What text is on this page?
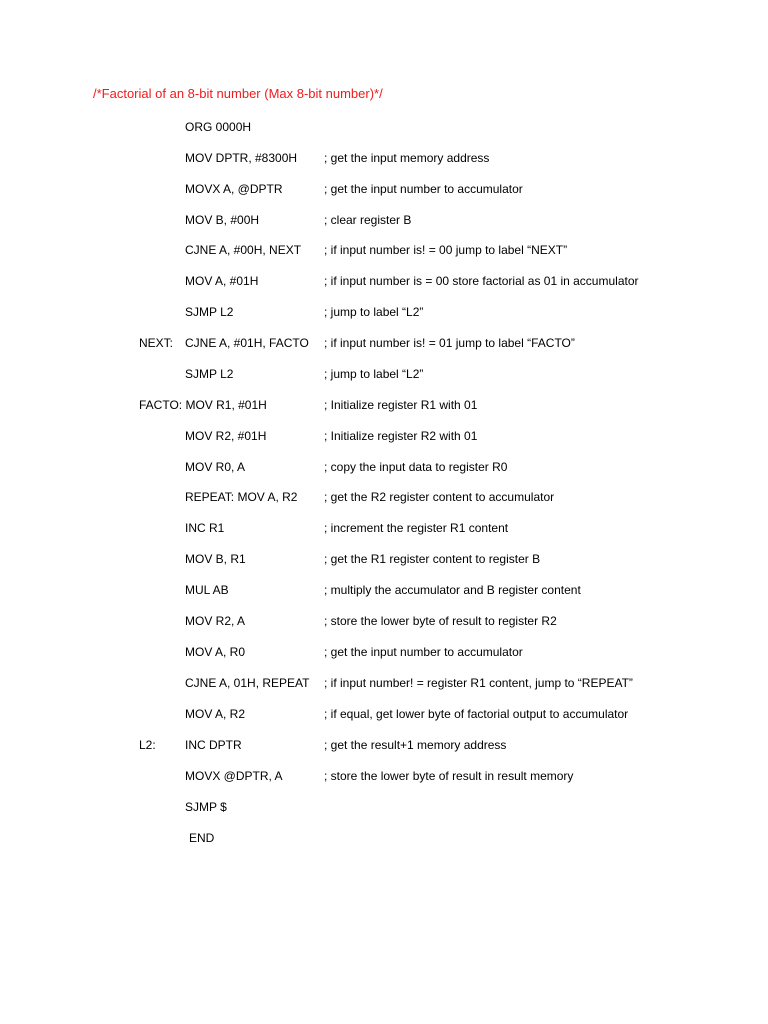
/*Factorial of an 8-bit number (Max 8-bit number)*/
ORG 0000H
MOV DPTR, #8300H ; get the input memory address
MOVX A, @DPTR	; get the input number to accumulator
MOV B, #00H	; clear register B
CJNE A, #00H, NEXT ; if input number is! = 00 jump to label “NEXT”
MOV A, #01H	; if input number is = 00 store factorial as 01 in accumulator
SJMP L2	; jump to label “L2”
NEXT: CJNE A, #01H, FACTO ; if input number is! = 01 jump to label “FACTO”
SJMP L2	; jump to label “L2”
FACTO: MOV R1, #01H	; Initialize register R1 with 01
MOV R2, #01H	; Initialize register R2 with 01
MOV R0, A	; copy the input data to register R0
REPEAT: MOV A, R2 ; get the R2 register content to accumulator
INC R1	; increment the register R1 content
MOV B, R1	; get the R1 register content to register B
MUL AB	; multiply the accumulator and B register content
MOV R2, A	; store the lower byte of result to register R2
MOV A, R0	; get the input number to accumulator
CJNE A, 01H, REPEAT ; if input number! = register R1 content, jump to “REPEAT”
MOV A, R2	; if equal, get lower byte of factorial output to accumulator
L2: INC DPTR	; get the result+1 memory address
MOVX @DPTR, A	; store the lower byte of result in result memory
SJMP $
END
